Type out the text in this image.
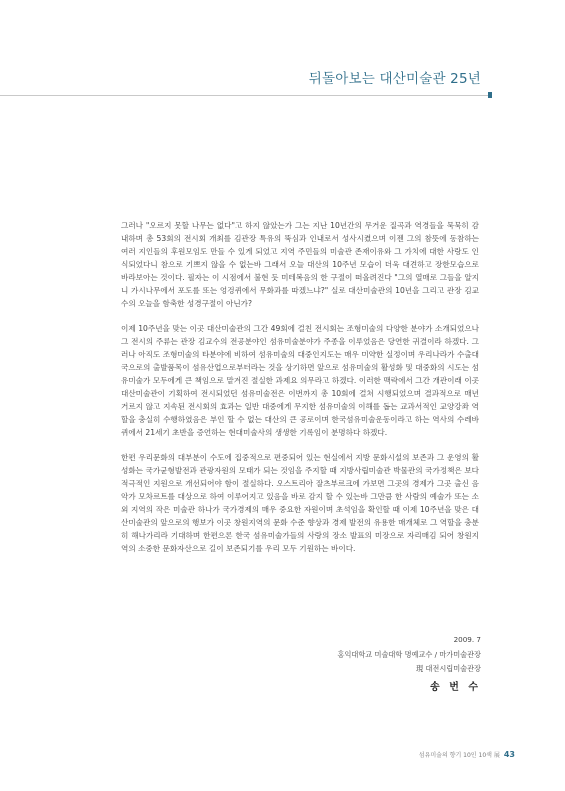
뒤돌아보는 대산미술관 25년

그러나 "오르지 못할 나무는 없다"고 하지 않았는가 그는 지난 10년간의 무거운 질곡과 역경들을 묵묵히 감내하며 총 53회의 전시회 개최를 김관장 특유의 뚝심과 인내로서 성사시켰으며 이젠 그의 참뜻에 동참하는 여러 지인들의 후원모임도 만들 수 있게 되었고 지역 주민들의 미술관 존재이유와 그 가치에 대한 사랑도 인식되었다니 참으로 기쁘지 않을 수 없는바 그래서 오늘 대산의 10주년 모습이 더욱 대견하고 장한모습으로 바라보아는 것이다. 필자는 이 시점에서 불현 듯 미테복음의 한 구절이 떠올려진다 "그의 열매로 그들을 알지니 가시나무에서 포도를 또는 엉겅퀴에서 무화과를 따겠느냐?" 실로 대산미술관의 10년을 그리고 관장 김교수의 오늘을 함축한 성경구절이 아닌가?

이제 10주년을 맞는 이곳 대산미술관의 그간 49회에 걸친 전시회는 조형미술의 다양한 분야가 소개되었으나 그 전시의 주류는 관장 김교수의 전공분야인 섬유미술분야가 주종을 이루었음은 당연한 귀결이라 하겠다. 그러나 아직도 조형미술의 타분야에 비하여 섬유미술의 대중인지도는 매우 미약한 실정이며 우리나라가 수출대국으로의 출발품목이 섬유산업으로부터라는 것을 상기하면 앞으로 섬유미술의 활성화 및 대중화의 시도는 섬유미술가 모두에게 큰 책임으로 맡겨진 절실한 과제요 의무라고 하겠다. 이러한 맥락에서 그간 개관이래 이곳 대산미술관이 기획하여 전시되었던 섬유미술전은 이번까지 총 10회에 걸쳐 시행되었으며 결과적으로 매년 거르지 않고 지속된 전시회의 효과는 일반 대중에게 무지한 섬유미술의 이해를 돕는 교과서적인 교양강좌 역할을 충실히 수행하였음은 부인 할 수 없는 대산의 큰 공로이며 한국섬유미술운동이라고 하는 역사의 수레바퀴에서 21세기 초반을 증언하는 현대미술사의 생생한 기록임이 분명하다 하겠다.

한편 우리문화의 대부분이 수도에 집중적으로 편중되어 있는 현실에서 지방 문화시설의 보존과 그 운영의 활성화는 국가균형발전과 관광자원의 모태가 되는 것임을 주지할 때 지방사립미술관 박물관의 국가정책은 보다 적극적인 지원으로 개선되어야 함이 절실하다. 오스트리아 잘츠부르크에 가보면 그곳의 경제가 그곳 출신 음악가 모차르트를 대상으로 하여 이루어지고 있음을 바로 감지 할 수 있는바 그만큼 한 사람의 예술가 또는 소외 지역의 작은 미술관 하나가 국가경제의 매우 중요한 자원이며 초석임을 확인할 때 이제 10주년을 맞은 대산미술관의 앞으로의 행보가 이곳 창원지역의 문화 수준 향상과 경제 발전의 유용한 매개체로 그 역할을 충분히 해나가리라 기대하며 한편으론 한국 섬유미술가들의 사랑의 장소 발표의 미장으로 자리매김 되어 창원지역의 소중한 문화자산으로 길이 보존되기를 우리 모두 기원하는 바이다.

2009. 7
홍익대학교 미술대학 명예교수 / 마가미술관장
現 대전시립미술관장
송 번 수
섬유미술의 향기 10인 10색 展 43
